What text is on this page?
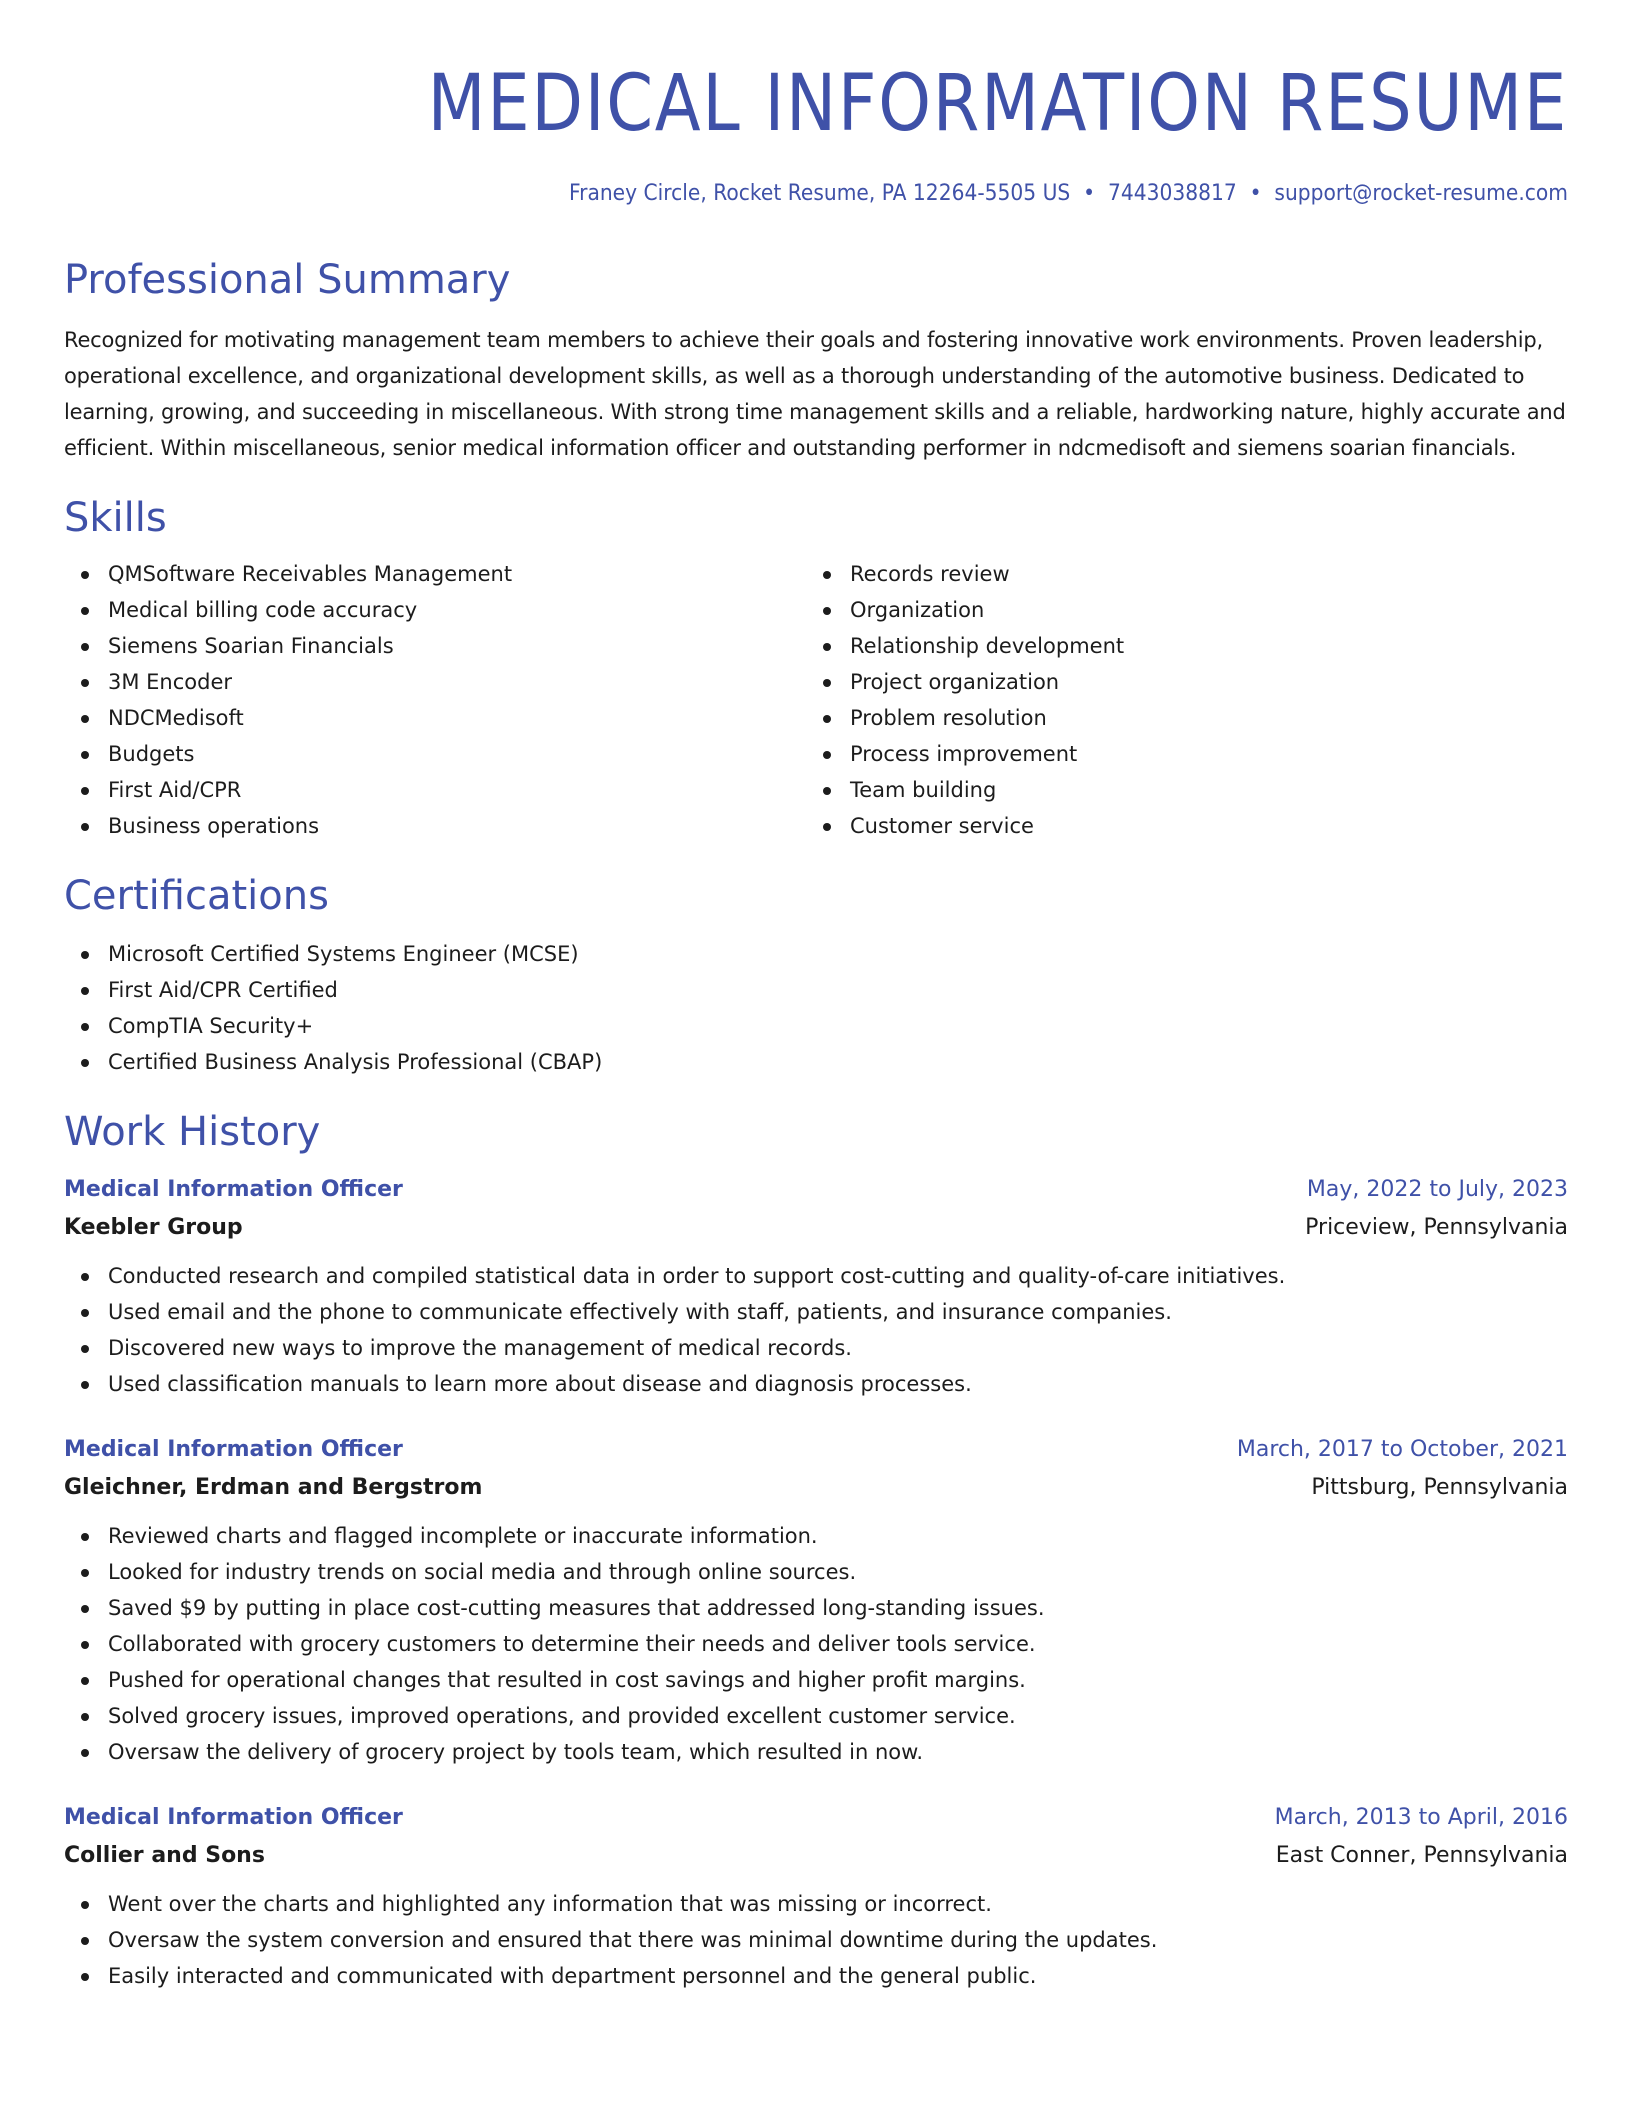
MEDICAL INFORMATION RESUME
Franey Circle, Rocket Resume, PA 12264-5505 US • 7443038817 • support@rocket-resume.com
Professional Summary

Recognized for motivating management team members to achieve their goals and fostering innovative work environments. Proven leadership, operational excellence, and organizational development skills, as well as a thorough understanding of the automotive business. Dedicated to learning, growing, and succeeding in miscellaneous. With strong time management skills and a reliable, hardworking nature, highly accurate and efficient. Within miscellaneous, senior medical information officer and outstanding performer in ndcmedisoft and siemens soarian financials.

Skills
QMSoftware Receivables Management
Medical billing code accuracy
Siemens Soarian Financials
3M Encoder
NDCMedisoft
Budgets
First Aid/CPR
Business operations
Records review
Organization
Relationship development
Project organization
Problem resolution
Process improvement
Team building
Customer service
Certifications
Microsoft Certified Systems Engineer (MCSE)
First Aid/CPR Certified
CompTIA Security+
Certified Business Analysis Professional (CBAP)
Work History
Medical Information Officer	May, 2022 to July, 2023
Keebler Group	Priceview, Pennsylvania
Conducted research and compiled statistical data in order to support cost-cutting and quality-of-care initiatives.
Used email and the phone to communicate effectively with staff, patients, and insurance companies.
Discovered new ways to improve the management of medical records.
Used classification manuals to learn more about disease and diagnosis processes.
Medical Information Officer	March, 2017 to October, 2021
Gleichner, Erdman and Bergstrom	Pittsburg, Pennsylvania
Reviewed charts and flagged incomplete or inaccurate information.
Looked for industry trends on social media and through online sources.
Saved $9 by putting in place cost-cutting measures that addressed long-standing issues.
Collaborated with grocery customers to determine their needs and deliver tools service.
Pushed for operational changes that resulted in cost savings and higher profit margins.
Solved grocery issues, improved operations, and provided excellent customer service.
Oversaw the delivery of grocery project by tools team, which resulted in now.
Medical Information Officer	March, 2013 to April, 2016
Collier and Sons	East Conner, Pennsylvania
Went over the charts and highlighted any information that was missing or incorrect.
Oversaw the system conversion and ensured that there was minimal downtime during the updates.
Easily interacted and communicated with department personnel and the general public.
